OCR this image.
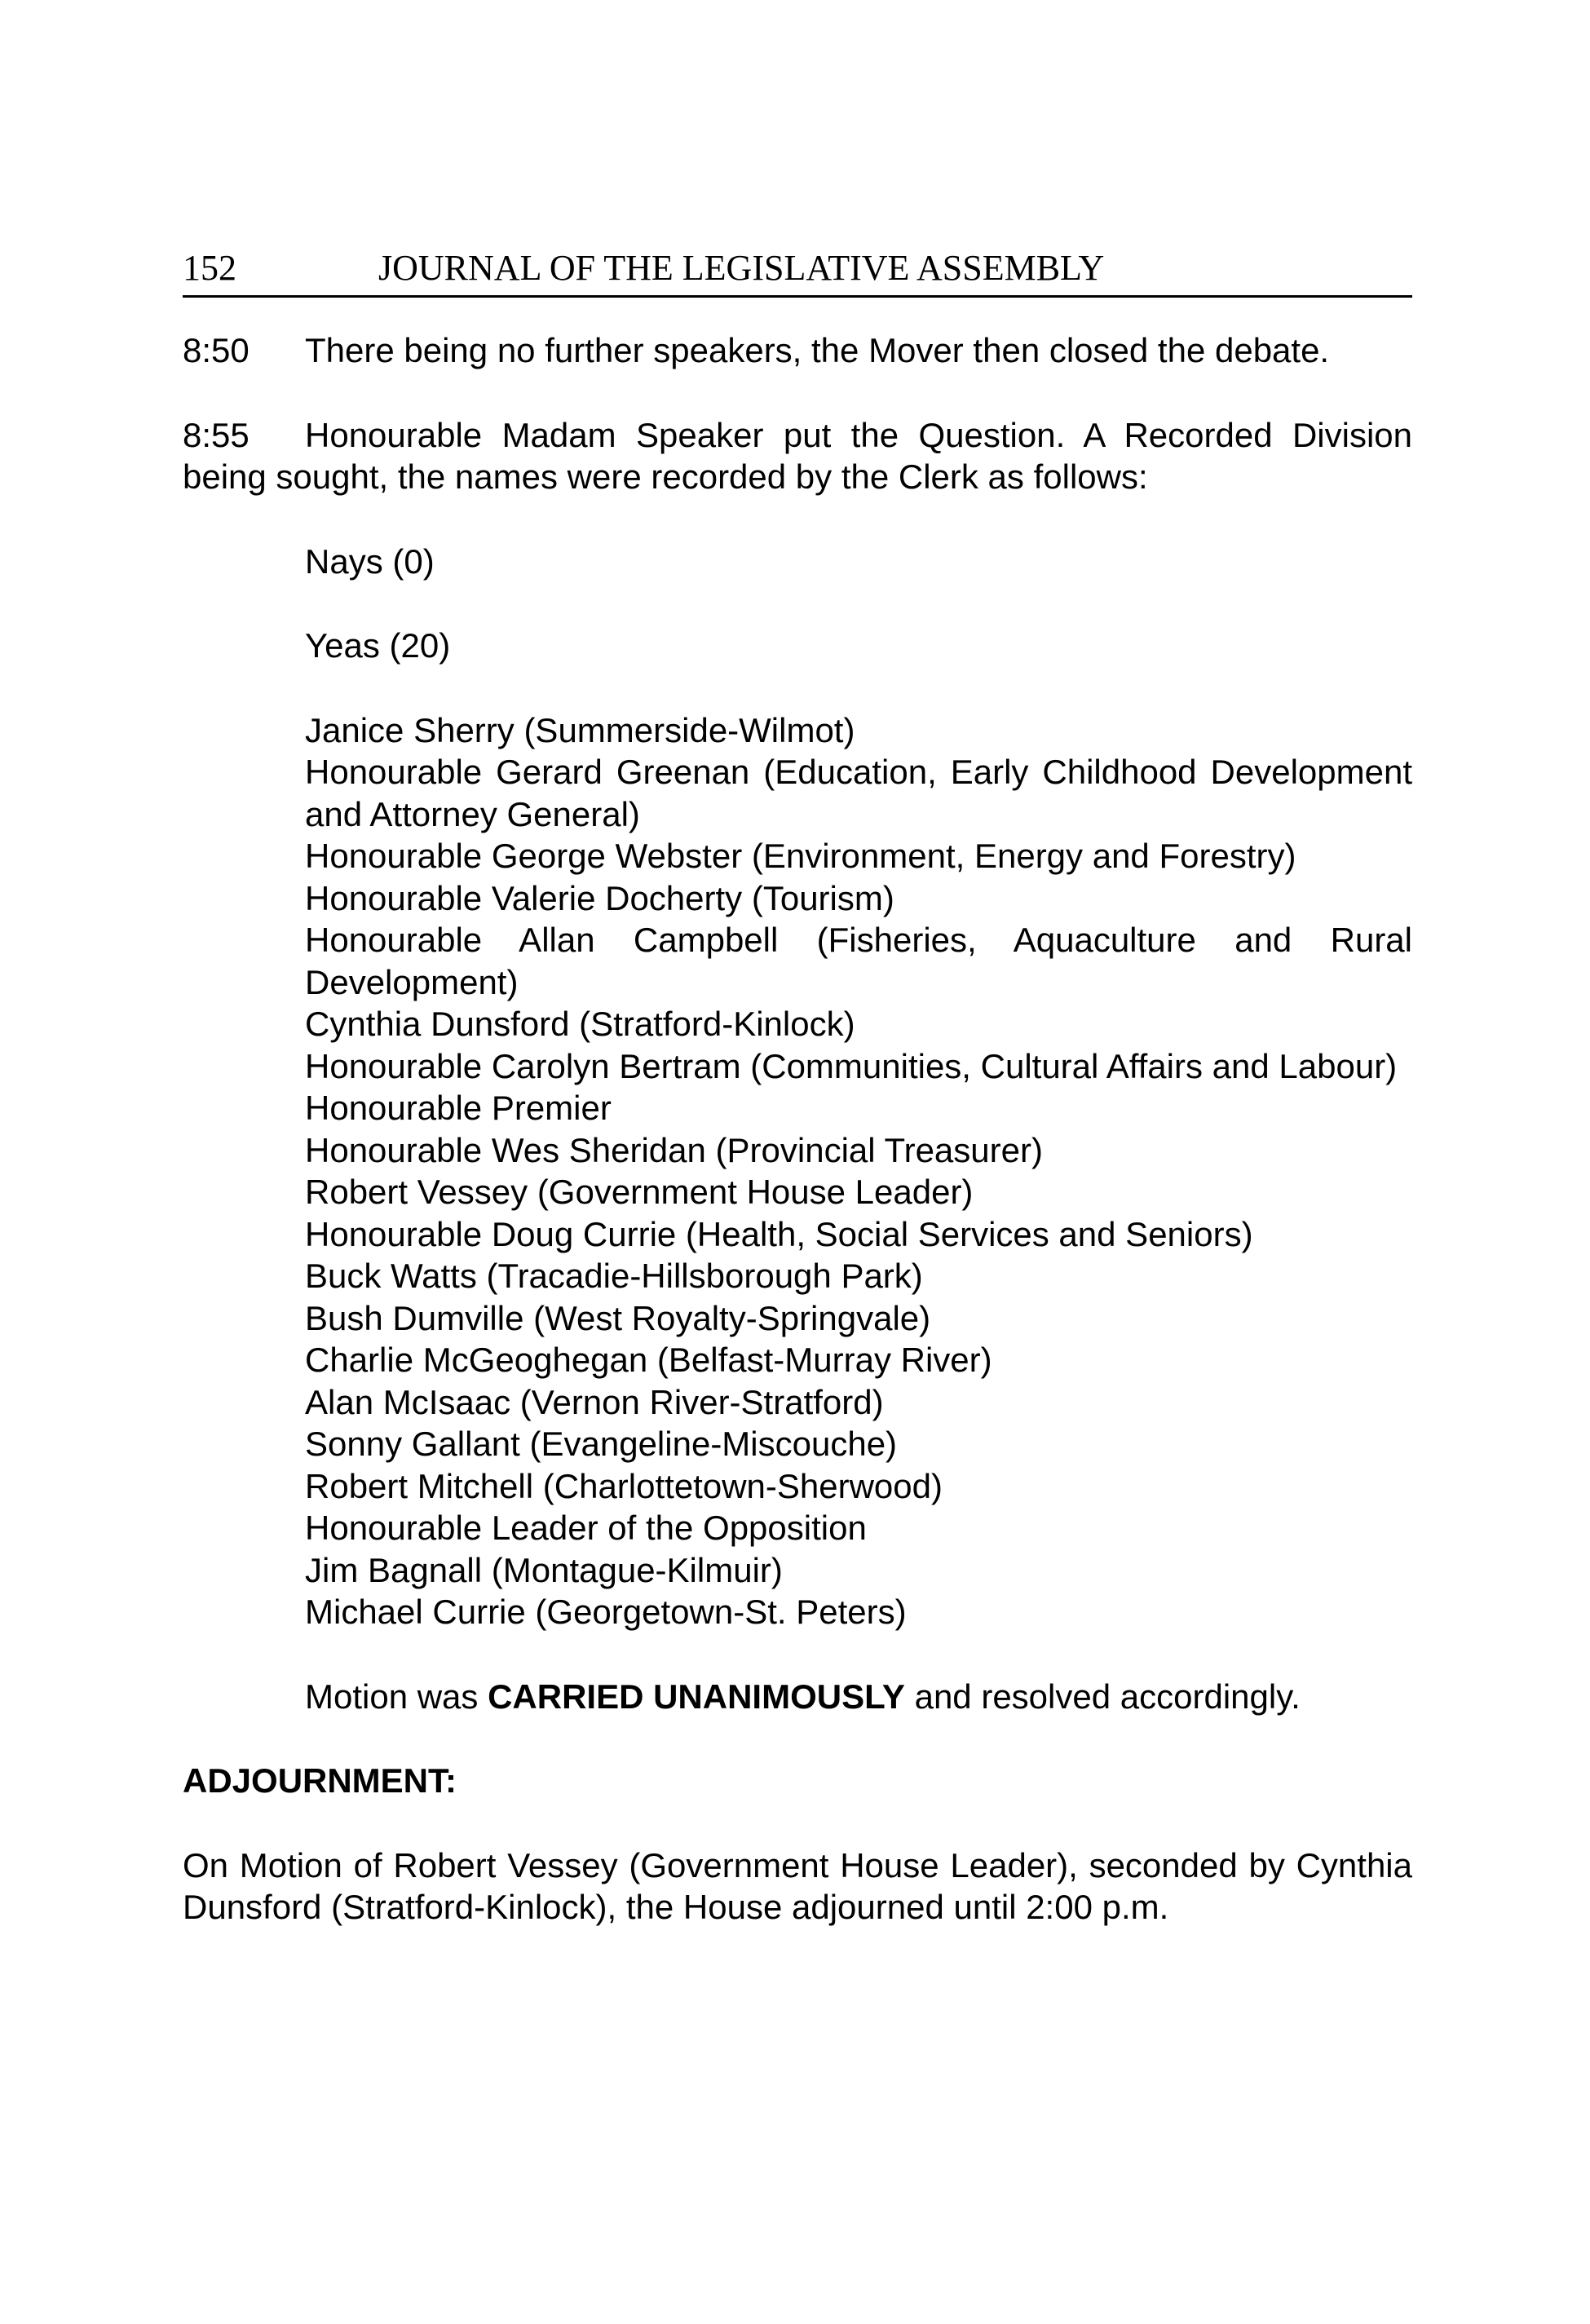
152	JOURNAL OF THE LEGISLATIVE ASSEMBLY

8:50 There being no further speakers, the Mover then closed the debate.

8:55 Honourable Madam Speaker put the Question. A Recorded Division being sought, the names were recorded by the Clerk as follows:

Nays (0)
Yeas (20)
Janice Sherry (Summerside-Wilmot)
Honourable Gerard Greenan (Education, Early Childhood Development and Attorney General)
Honourable George Webster (Environment, Energy and Forestry)
Honourable Valerie Docherty (Tourism)
Honourable Allan Campbell (Fisheries, Aquaculture and Rural Development)
Cynthia Dunsford (Stratford-Kinlock)
Honourable Carolyn Bertram (Communities, Cultural Affairs and Labour)
Honourable Premier
Honourable Wes Sheridan (Provincial Treasurer)
Robert Vessey (Government House Leader)
Honourable Doug Currie (Health, Social Services and Seniors)
Buck Watts (Tracadie-Hillsborough Park)
Bush Dumville (West Royalty-Springvale)
Charlie McGeoghegan (Belfast-Murray River)
Alan McIsaac (Vernon River-Stratford)
Sonny Gallant (Evangeline-Miscouche)
Robert Mitchell (Charlottetown-Sherwood)
Honourable Leader of the Opposition
Jim Bagnall (Montague-Kilmuir)
Michael Currie (Georgetown-St. Peters)

Motion was CARRIED UNANIMOUSLY and resolved accordingly.

ADJOURNMENT:

On Motion of Robert Vessey (Government House Leader), seconded by Cynthia Dunsford (Stratford-Kinlock), the House adjourned until 2:00 p.m.
